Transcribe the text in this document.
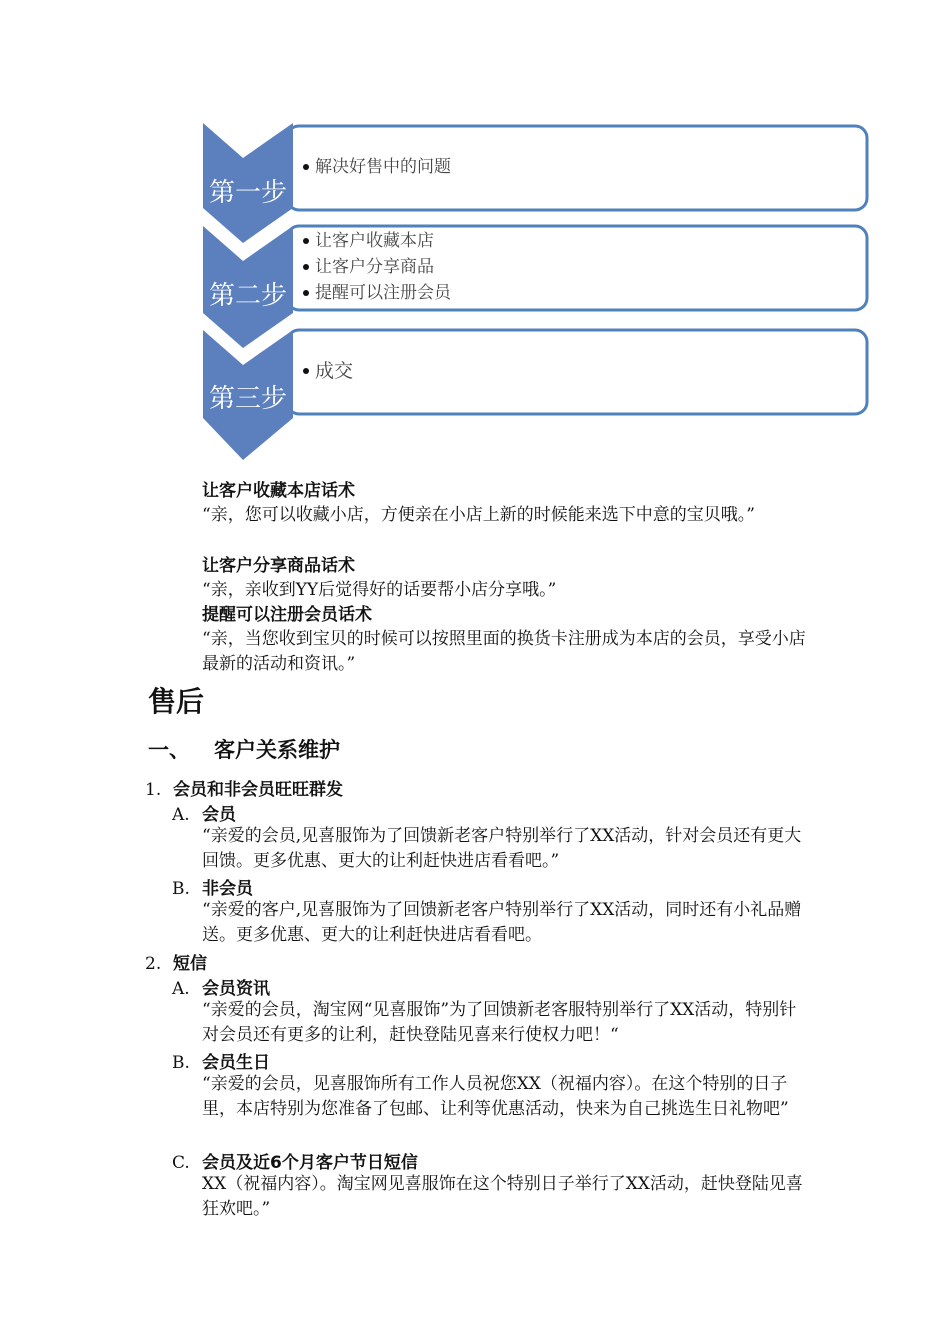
第一步
第二步
第三步
解决好售中的问题
让客户收藏本店
让客户分享商品
提醒可以注册会员
成交
让客户收藏本店话术
“亲，您可以收藏小店，方便亲在小店上新的时候能来选下中意的宝贝哦。”
让客户分享商品话术
“亲，亲收到YY后觉得好的话要帮小店分享哦。”
提醒可以注册会员话术
“亲，当您收到宝贝的时候可以按照里面的换货卡注册成为本店的会员，享受小店最新的活动和资讯。”
售后
一、 客户关系维护
1. 会员和非会员旺旺群发
A. 会员
“亲爱的会员,见喜服饰为了回馈新老客户特别举行了XX活动，针对会员还有更大回馈。更多优惠、更大的让利赶快进店看看吧。”
B. 非会员
“亲爱的客户,见喜服饰为了回馈新老客户特别举行了XX活动，同时还有小礼品赠送。更多优惠、更大的让利赶快进店看看吧。
2. 短信
A. 会员资讯
“亲爱的会员，淘宝网“见喜服饰”为了回馈新老客服特别举行了XX活动，特别针对会员还有更多的让利，赶快登陆见喜来行使权力吧！“
B. 会员生日
“亲爱的会员，见喜服饰所有工作人员祝您XX（祝福内容）。在这个特别的日子里，本店特别为您准备了包邮、让利等优惠活动，快来为自己挑选生日礼物吧”
C. 会员及近6个月客户节日短信
XX（祝福内容）。淘宝网见喜服饰在这个特别日子举行了XX活动，赶快登陆见喜狂欢吧。”
